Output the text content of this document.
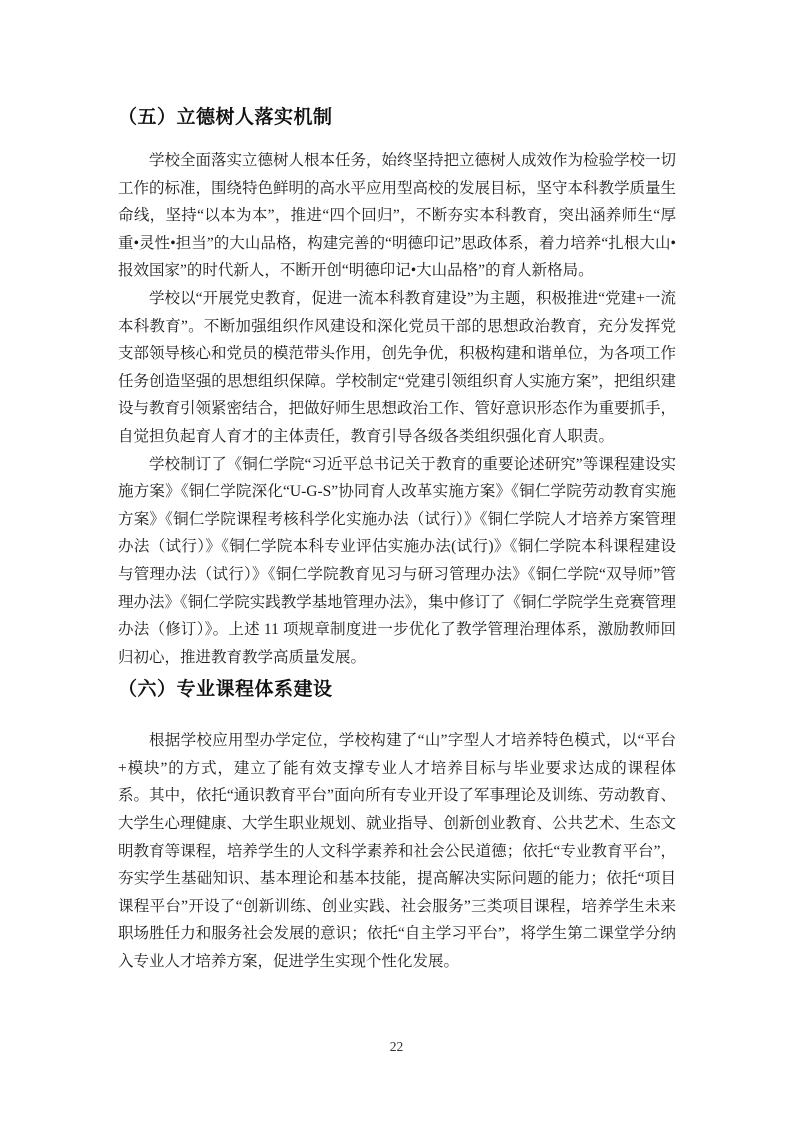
（五）立德树人落实机制

学校全面落实立德树人根本任务，始终坚持把立德树人成效作为检验学校一切工作的标准，围绕特色鲜明的高水平应用型高校的发展目标，坚守本科教学质量生命线，坚持“以本为本”，推进“四个回归”，不断夯实本科教育，突出涵养师生“厚重•灵性•担当”的大山品格，构建完善的“明德印记”思政体系，着力培养“扎根大山•报效国家”的时代新人，不断开创“明德印记•大山品格”的育人新格局。

学校以“开展党史教育，促进一流本科教育建设”为主题，积极推进“党建+一流本科教育”。不断加强组织作风建设和深化党员干部的思想政治教育，充分发挥党支部领导核心和党员的模范带头作用，创先争优，积极构建和谐单位，为各项工作任务创造坚强的思想组织保障。学校制定“党建引领组织育人实施方案”，把组织建设与教育引领紧密结合，把做好师生思想政治工作、管好意识形态作为重要抓手，自觉担负起育人育才的主体责任，教育引导各级各类组织强化育人职责。

学校制订了《铜仁学院“习近平总书记关于教育的重要论述研究”等课程建设实施方案》《铜仁学院深化“U-G-S”协同育人改革实施方案》《铜仁学院劳动教育实施方案》《铜仁学院课程考核科学化实施办法（试行）》《铜仁学院人才培养方案管理办法（试行）》《铜仁学院本科专业评估实施办法(试行)》《铜仁学院本科课程建设与管理办法（试行）》《铜仁学院教育见习与研习管理办法》《铜仁学院“双导师”管理办法》《铜仁学院实践教学基地管理办法》，集中修订了《铜仁学院学生竞赛管理办法（修订）》。上述 11 项规章制度进一步优化了教学管理治理体系，激励教师回归初心，推进教育教学高质量发展。

（六）专业课程体系建设

根据学校应用型办学定位，学校构建了“山”字型人才培养特色模式，以“平台+模块”的方式，建立了能有效支撑专业人才培养目标与毕业要求达成的课程体系。其中，依托“通识教育平台”面向所有专业开设了军事理论及训练、劳动教育、大学生心理健康、大学生职业规划、就业指导、创新创业教育、公共艺术、生态文明教育等课程，培养学生的人文科学素养和社会公民道德；依托“专业教育平台”，夯实学生基础知识、基本理论和基本技能，提高解决实际问题的能力；依托“项目课程平台”开设了“创新训练、创业实践、社会服务”三类项目课程，培养学生未来职场胜任力和服务社会发展的意识；依托“自主学习平台”，将学生第二课堂学分纳入专业人才培养方案，促进学生实现个性化发展。

22
